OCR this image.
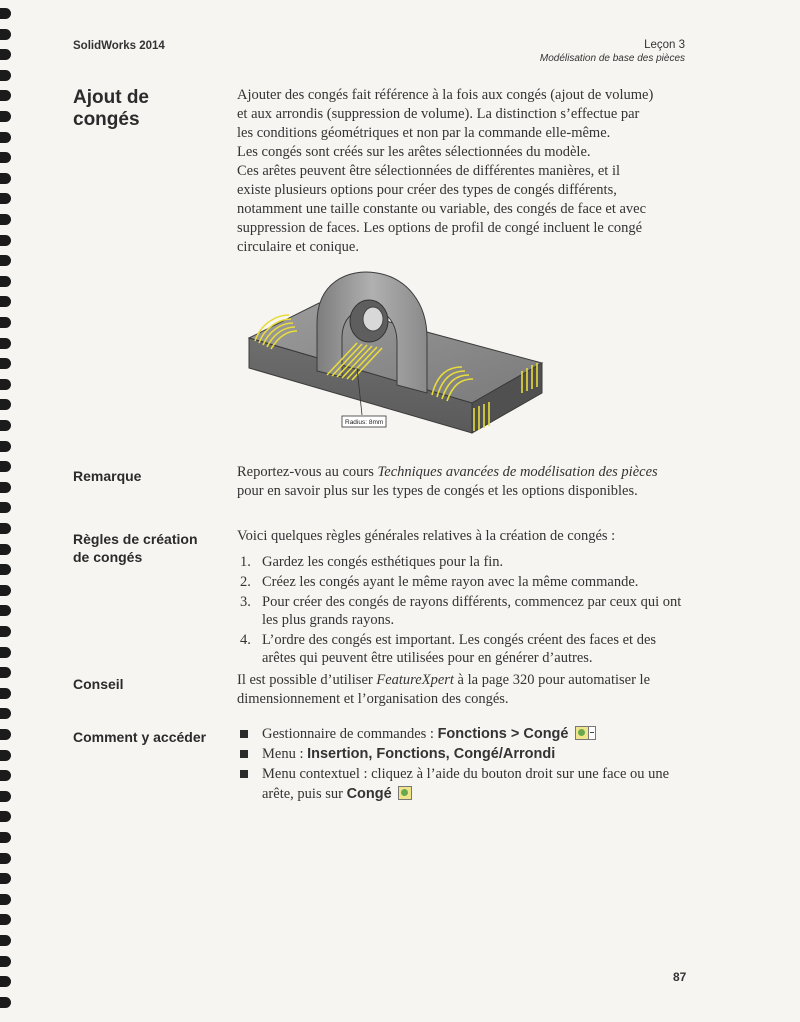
SolidWorks 2014	Leçon 3
Modélisation de base des pièces
Ajout de
congés
Ajouter des congés fait référence à la fois aux congés (ajout de volume)
et aux arrondis (suppression de volume). La distinction s’effectue par
les conditions géométriques et non par la commande elle-même.
Les congés sont créés sur les arêtes sélectionnées du modèle.
Ces arêtes peuvent être sélectionnées de différentes manières, et il
existe plusieurs options pour créer des types de congés différents,
notamment une taille constante ou variable, des congés de face et avec
suppression de faces. Les options de profil de congé incluent le congé
circulaire et conique.
Radius: 8mm
Remarque	Reportez-vous au cours Techniques avancées de modélisation des pièces pour en savoir plus sur les types de congés et les options disponibles.
Règles de création
de congés
Voici quelques règles générales relatives à la création de congés :
1. Gardez les congés esthétiques pour la fin.
2. Créez les congés ayant le même rayon avec la même commande.
3. Pour créer des congés de rayons différents, commencez par ceux qui ont les plus grands rayons.
4. L’ordre des congés est important. Les congés créent des faces et des arêtes qui peuvent être utilisées pour en générer d’autres.
Conseil	Il est possible d’utiliser FeatureXpert à la page 320 pour automatiser le dimensionnement et l’organisation des congés.
Comment y accéder	Gestionnaire de commandes : Fonctions > Congé
Menu : Insertion, Fonctions, Congé/Arrondi
Menu contextuel : cliquez à l’aide du bouton droit sur une face ou une arête, puis sur Congé
87
